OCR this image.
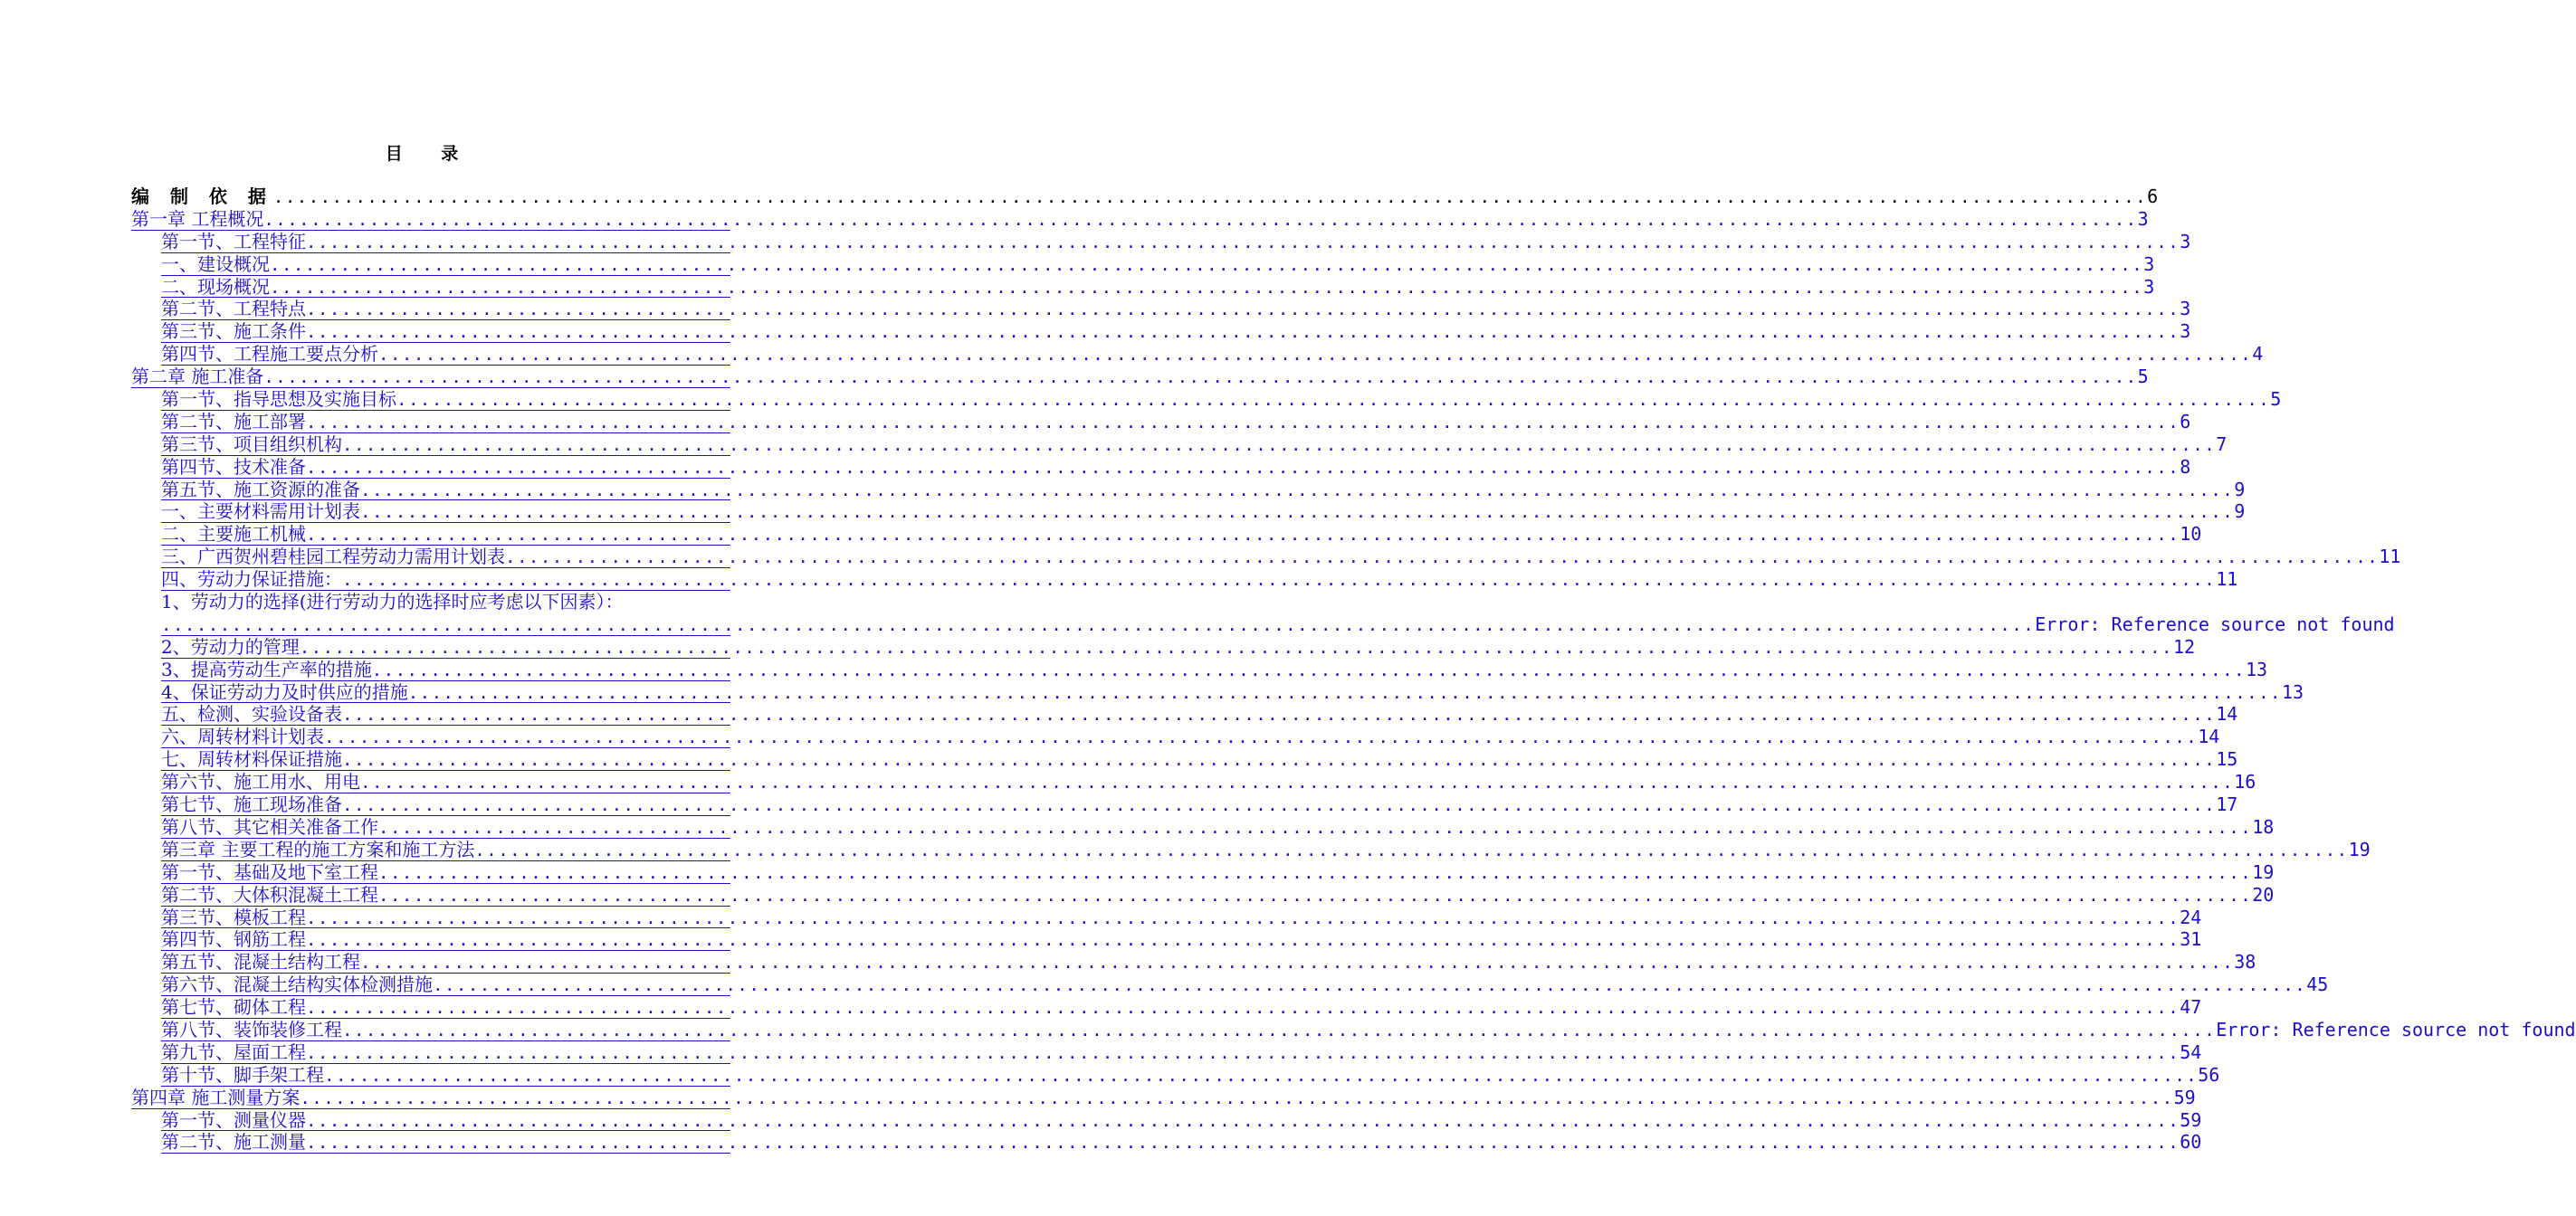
目 录
编 制 依 据 ................................................................................................................................................................ 6
第一章 工程概况 ................................................................................................................................................................ 3
第一节、工程特征 ................................................................................................................................................................ 3
一、建设概况 ................................................................................................................................................................ 3
二、现场概况 ................................................................................................................................................................ 3
第二节、工程特点 ................................................................................................................................................................ 3
第三节、施工条件 ................................................................................................................................................................ 3
第四节、工程施工要点分析 ................................................................................................................................................................ 4
第二章 施工准备 ................................................................................................................................................................ 5
第一节、指导思想及实施目标 ................................................................................................................................................................ 5
第二节、施工部署 ................................................................................................................................................................ 6
第三节、项目组织机构 ................................................................................................................................................................ 7
第四节、技术准备 ................................................................................................................................................................ 8
第五节、施工资源的准备 ................................................................................................................................................................ 9
一、主要材料需用计划表 ................................................................................................................................................................ 9
二、主要施工机械 ................................................................................................................................................................ 10
三、广西贺州碧桂园工程劳动力需用计划表 ................................................................................................................................................................ 11
四、劳动力保证措施： ................................................................................................................................................................ 11
1、劳动力的选择(进行劳动力的选择时应考虑以下因素）：
................................................................................................................................................................ Error: Reference source not found
2、劳动力的管理 ................................................................................................................................................................ 12
3、提高劳动生产率的措施 ................................................................................................................................................................ 13
4、保证劳动力及时供应的措施 ................................................................................................................................................................ 13
五、检测、实验设备表 ................................................................................................................................................................ 14
六、周转材料计划表 ................................................................................................................................................................ 14
七、周转材料保证措施 ................................................................................................................................................................ 15
第六节、施工用水、用电 ................................................................................................................................................................ 16
第七节、施工现场准备 ................................................................................................................................................................ 17
第八节、其它相关准备工作 ................................................................................................................................................................ 18
第三章 主要工程的施工方案和施工方法 ................................................................................................................................................................ 19
第一节、基础及地下室工程 ................................................................................................................................................................ 19
第二节、大体积混凝土工程 ................................................................................................................................................................ 20
第三节、模板工程 ................................................................................................................................................................ 24
第四节、钢筋工程 ................................................................................................................................................................ 31
第五节、混凝土结构工程 ................................................................................................................................................................ 38
第六节、混凝土结构实体检测措施 ................................................................................................................................................................ 45
第七节、砌体工程 ................................................................................................................................................................ 47
第八节、装饰装修工程 ................................................................................................................................................................ Error: Reference source not found
第九节、屋面工程 ................................................................................................................................................................ 54
第十节、脚手架工程 ................................................................................................................................................................ 56
第四章 施工测量方案 ................................................................................................................................................................ 59
第一节、测量仪器 ................................................................................................................................................................ 59
第二节、施工测量 ................................................................................................................................................................ 60
